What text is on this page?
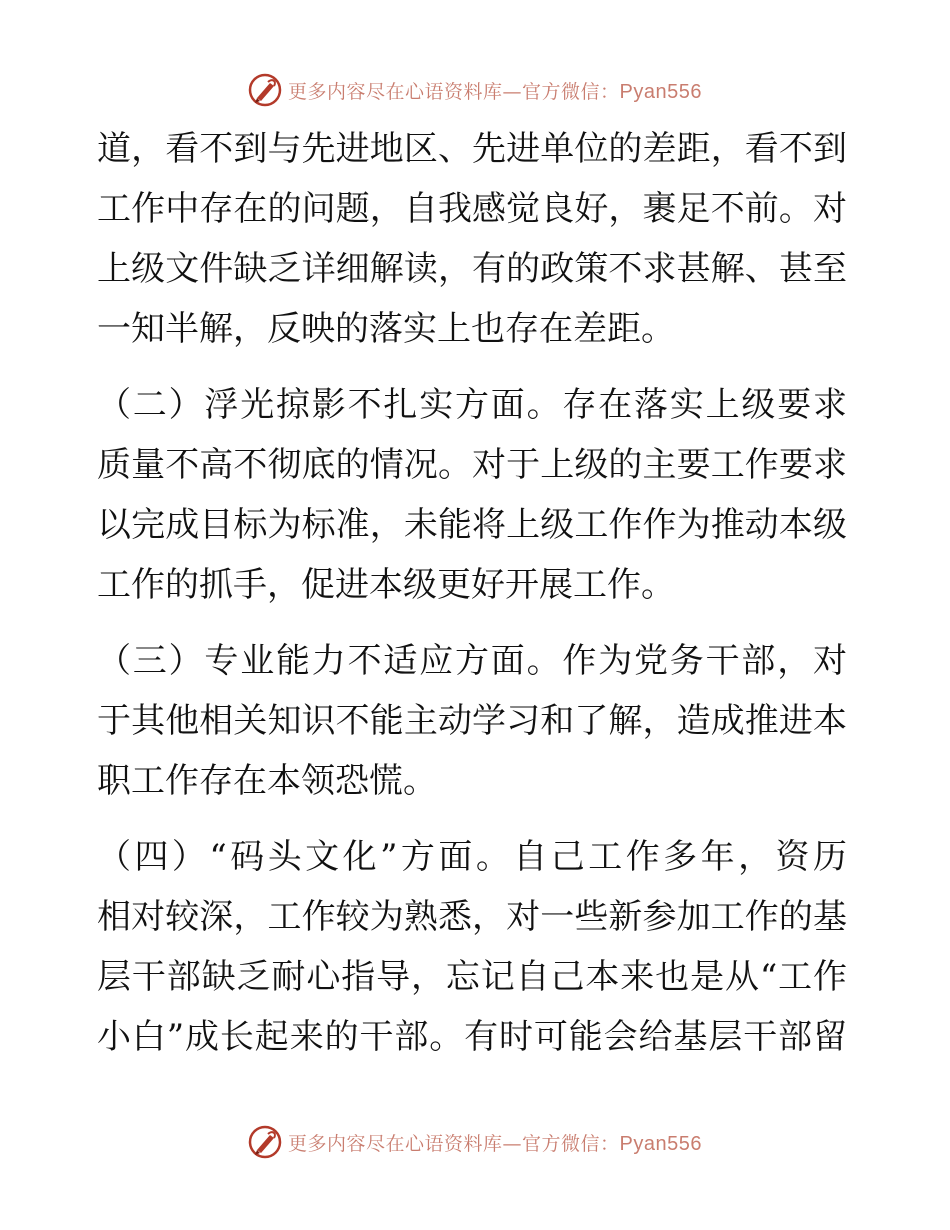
更多内容尽在心语资料库—官方微信：Pyan556
道，看不到与先进地区、先进单位的差距，看不到
工作中存在的问题，自我感觉良好，裹足不前。对
上级文件缺乏详细解读，有的政策不求甚解、甚至
一知半解，反映的落实上也存在差距。
（二）浮光掠影不扎实方面。存在落实上级要求
质量不高不彻底的情况。对于上级的主要工作要求
以完成目标为标准，未能将上级工作作为推动本级
工作的抓手，促进本级更好开展工作。
（三）专业能力不适应方面。作为党务干部，对
于其他相关知识不能主动学习和了解，造成推进本
职工作存在本领恐慌。
（四）“码头文化”方面。自己工作多年，资历
相对较深，工作较为熟悉，对一些新参加工作的基
层干部缺乏耐心指导，忘记自己本来也是从“工作
小白”成长起来的干部。有时可能会给基层干部留
更多内容尽在心语资料库—官方微信：Pyan556
